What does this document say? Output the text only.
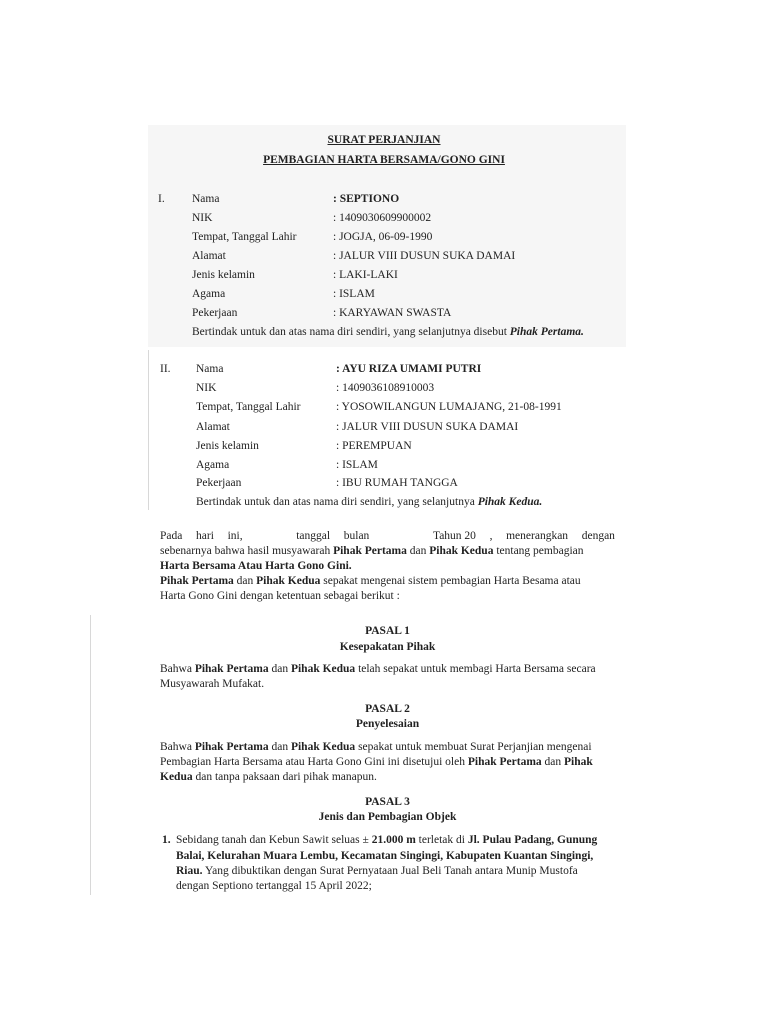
SURAT PERJANJIAN
PEMBAGIAN HARTA BERSAMA/GONO GINI
I. Nama	: SEPTIONO
NIK	: 1409030609900002
Tempat, Tanggal Lahir	: JOGJA, 06-09-1990
Alamat	: JALUR VIII DUSUN SUKA DAMAI
Jenis kelamin	: LAKI-LAKI
Agama	: ISLAM
Pekerjaan	: KARYAWAN SWASTA
Bertindak untuk dan atas nama diri sendiri, yang selanjutnya disebut Pihak Pertama.
II. Nama	: AYU RIZA UMAMI PUTRI
NIK	: 1409036108910003
Tempat, Tanggal Lahir	: YOSOWILANGUN LUMAJANG, 21-08-1991
Alamat	: JALUR VIII DUSUN SUKA DAMAI
Jenis kelamin	: PEREMPUAN
Agama	: ISLAM
Pekerjaan	: IBU RUMAH TANGGA
Bertindak untuk dan atas nama diri sendiri, yang selanjutnya Pihak Kedua.
Pada hari ini,	tanggal bulan	Tahun 20 , menerangkan dengan
sebenarnya bahwa hasil musyawarah Pihak Pertama dan Pihak Kedua tentang pembagian
Harta Bersama Atau Harta Gono Gini.
Pihak Pertama dan Pihak Kedua sepakat mengenai sistem pembagian Harta Besama atau
Harta Gono Gini dengan ketentuan sebagai berikut :
PASAL 1
Kesepakatan Pihak
Bahwa Pihak Pertama dan Pihak Kedua telah sepakat untuk membagi Harta Bersama secara
Musyawarah Mufakat.
PASAL 2
Penyelesaian
Bahwa Pihak Pertama dan Pihak Kedua sepakat untuk membuat Surat Perjanjian mengenai
Pembagian Harta Bersama atau Harta Gono Gini ini disetujui oleh Pihak Pertama dan Pihak
Kedua dan tanpa paksaan dari pihak manapun.
PASAL 3
Jenis dan Pembagian Objek
1. Sebidang tanah dan Kebun Sawit seluas ± 21.000 m terletak di Jl. Pulau Padang, Gunung
Balai, Kelurahan Muara Lembu, Kecamatan Singingi, Kabupaten Kuantan Singingi,
Riau. Yang dibuktikan dengan Surat Pernyataan Jual Beli Tanah antara Munip Mustofa
dengan Septiono tertanggal 15 April 2022;
